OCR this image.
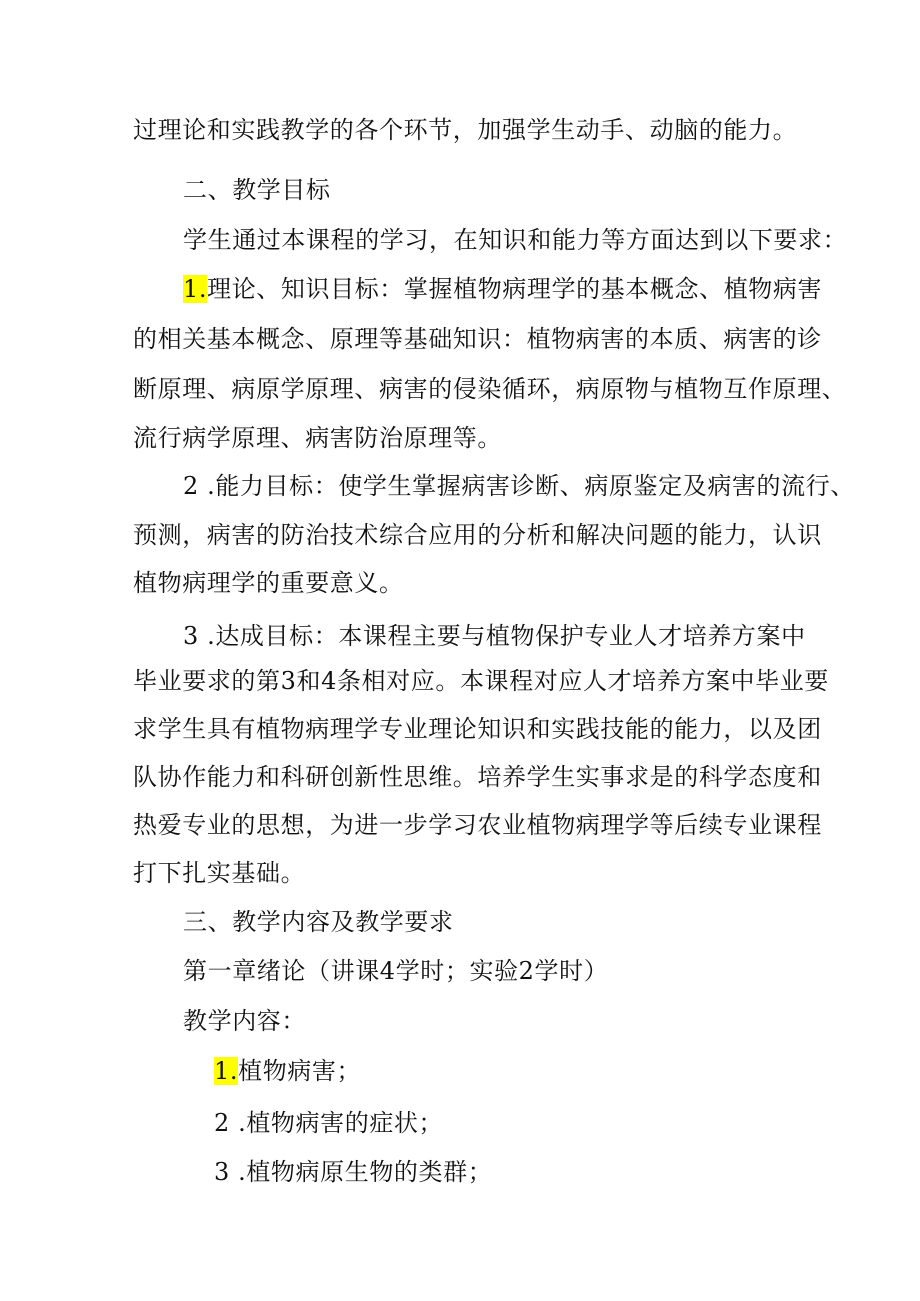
过理论和实践教学的各个环节，加强学生动手、动脑的能力。
二、教学目标
学生通过本课程的学习，在知识和能力等方面达到以下要求：
1.理论、知识目标：掌握植物病理学的基本概念、植物病害
的相关基本概念、原理等基础知识：植物病害的本质、病害的诊
断原理、病原学原理、病害的侵染循环，病原物与植物互作原理、
流行病学原理、病害防治原理等。
2 .能力目标：使学生掌握病害诊断、病原鉴定及病害的流行、
预测，病害的防治技术综合应用的分析和解决问题的能力，认识
植物病理学的重要意义。
3 .达成目标：本课程主要与植物保护专业人才培养方案中
毕业要求的第3和4条相对应。本课程对应人才培养方案中毕业要
求学生具有植物病理学专业理论知识和实践技能的能力，以及团
队协作能力和科研创新性思维。培养学生实事求是的科学态度和
热爱专业的思想，为进一步学习农业植物病理学等后续专业课程
打下扎实基础。
三、教学内容及教学要求
第一章绪论（讲课4学时；实验2学时）
教学内容：
1.植物病害；
2 .植物病害的症状；
3 .植物病原生物的类群；
